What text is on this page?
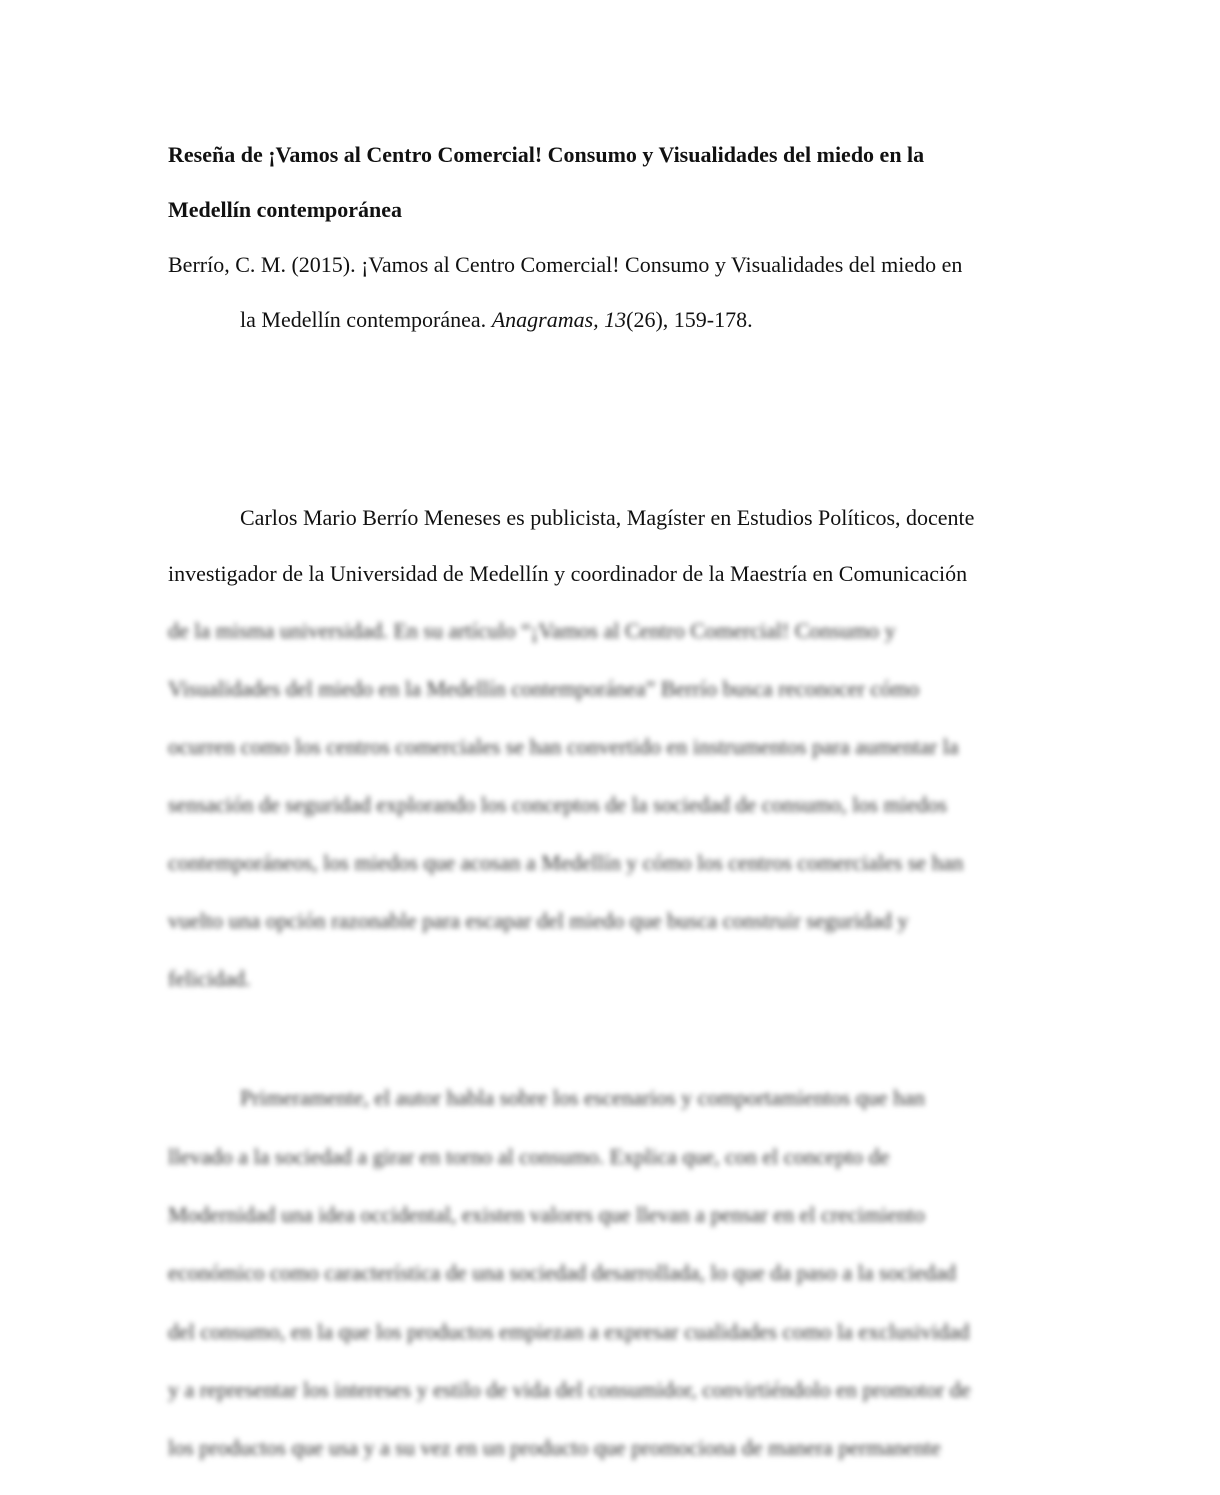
Reseña de ¡Vamos al Centro Comercial! Consumo y Visualidades del miedo en la
Medellín contemporánea
Berrío, C. M. (2015). ¡Vamos al Centro Comercial! Consumo y Visualidades del miedo en
la Medellín contemporánea. Anagramas, 13(26), 159-178.
Carlos Mario Berrío Meneses es publicista, Magíster en Estudios Políticos, docente
investigador de la Universidad de Medellín y coordinador de la Maestría en Comunicación
de la misma universidad. En su artículo “¡Vamos al Centro Comercial! Consumo y
Visualidades del miedo en la Medellín contemporánea” Berrío busca reconocer cómo
ocurren como los centros comerciales se han convertido en instrumentos para aumentar la
sensación de seguridad explorando los conceptos de la sociedad de consumo, los miedos
contemporáneos, los miedos que acosan a Medellín y cómo los centros comerciales se han
vuelto una opción razonable para escapar del miedo que busca construir seguridad y
felicidad.
Primeramente, el autor habla sobre los escenarios y comportamientos que han
llevado a la sociedad a girar en torno al consumo. Explica que, con el concepto de
Modernidad una idea occidental, existen valores que llevan a pensar en el crecimiento
económico como característica de una sociedad desarrollada, lo que da paso a la sociedad
del consumo, en la que los productos empiezan a expresar cualidades como la exclusividad
y a representar los intereses y estilo de vida del consumidor, convirtiéndolo en promotor de
los productos que usa y a su vez en un producto que promociona de manera permanente
